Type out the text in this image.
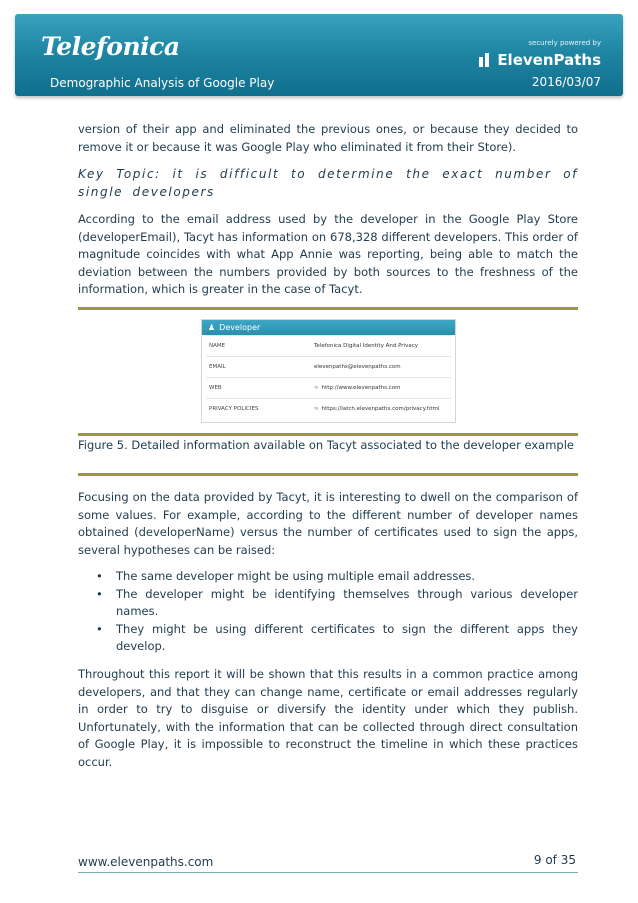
Telefonica	securely powered by
ElevenPaths
Demographic Analysis of Google Play	2016/03/07

version of their app and eliminated the previous ones, or because they decided to remove it or because it was Google Play who eliminated it from their Store).

Key Topic: it is difficult to determine the exact number of single developers

According to the email address used by the developer in the Google Play Store (developerEmail), Tacyt has information on 678,328 different developers. This order of magnitude coincides with what App Annie was reporting, being able to match the deviation between the numbers provided by both sources to the freshness of the information, which is greater in the case of Tacyt.

♟ Developer
NAME	Telefonica Digital Identity And Privacy
EMAIL	elevenpaths@elevenpaths.com
WEB	∞ http://www.elevenpaths.com
PRIVACY POLICIES	∞ https://latch.elevenpaths.com/privacy.html

Figure 5. Detailed information available on Tacyt associated to the developer example

Focusing on the data provided by Tacyt, it is interesting to dwell on the comparison of some values. For example, according to the different number of developer names obtained (developerName) versus the number of certificates used to sign the apps, several hypotheses can be raised:

• The same developer might be using multiple email addresses.
• The developer might be identifying themselves through various developer names.
• They might be using different certificates to sign the different apps they develop.

Throughout this report it will be shown that this results in a common practice among developers, and that they can change name, certificate or email addresses regularly in order to try to disguise or diversify the identity under which they publish. Unfortunately, with the information that can be collected through direct consultation of Google Play, it is impossible to reconstruct the timeline in which these practices occur.

www.elevenpaths.com	9 of 35
